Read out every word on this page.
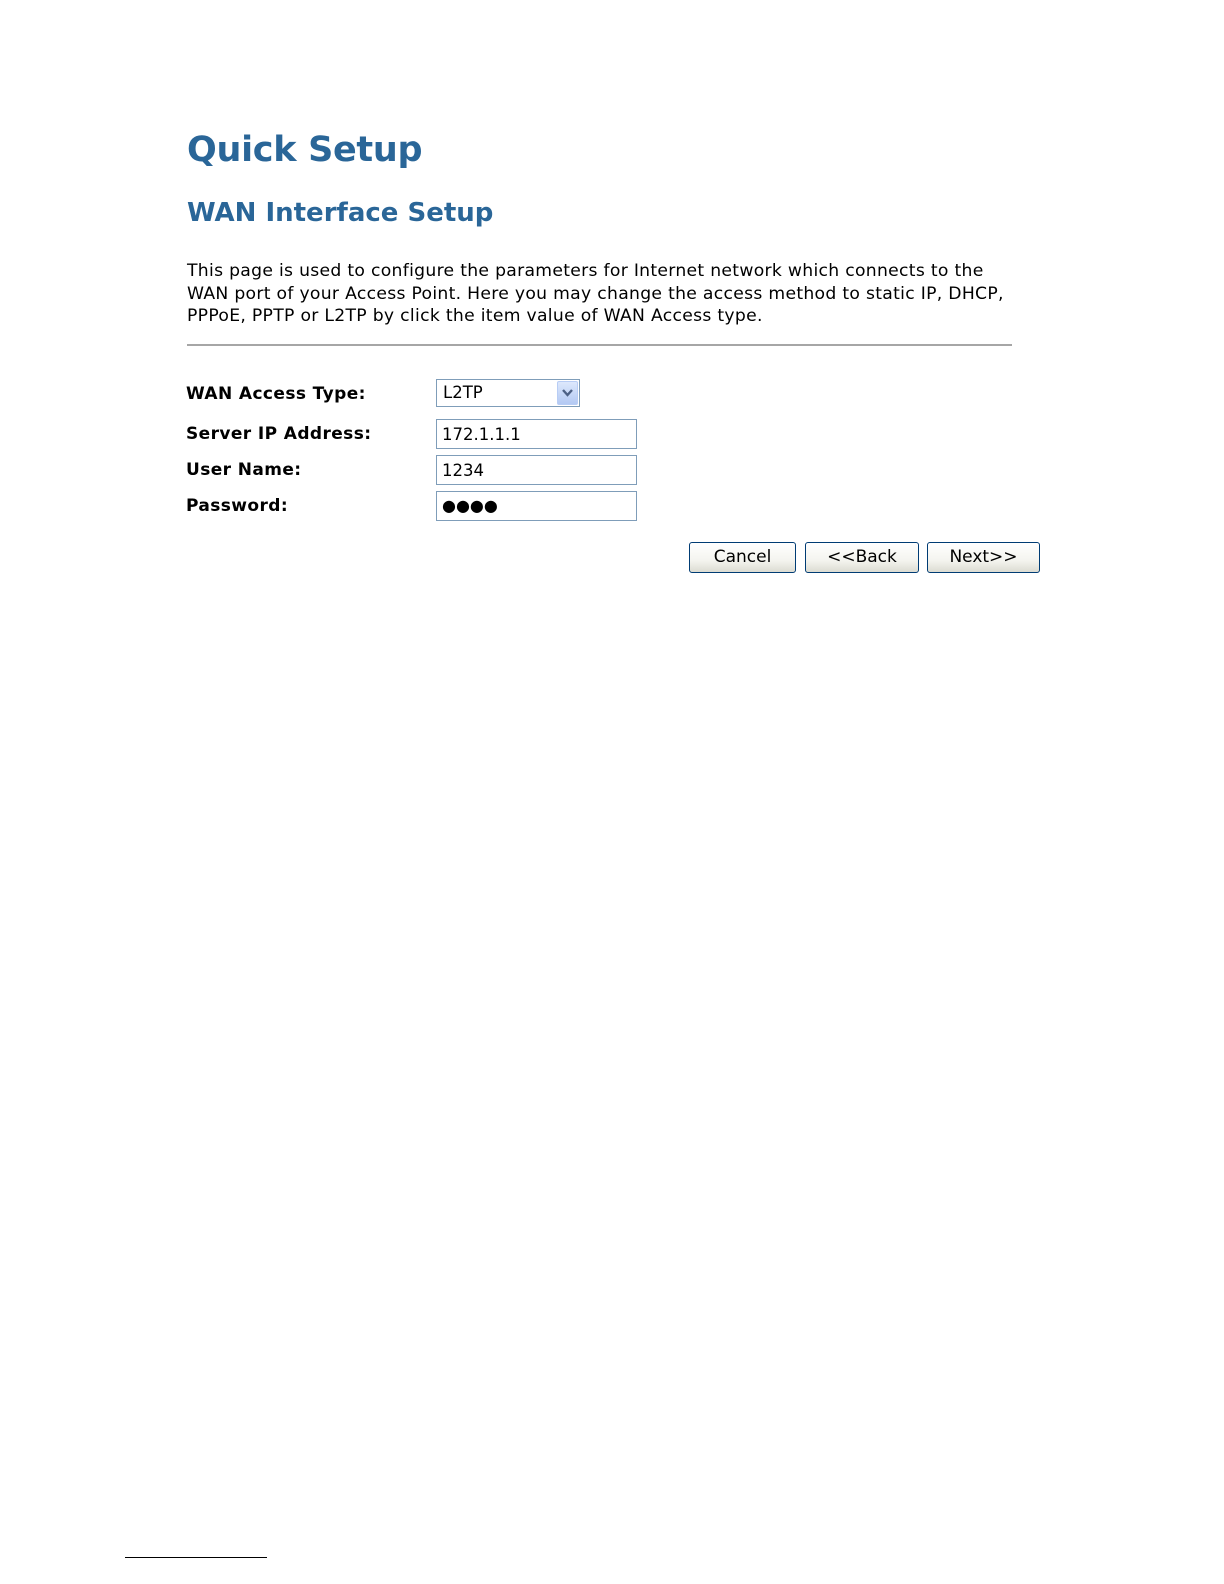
Quick Setup
WAN Interface Setup

This page is used to configure the parameters for Internet network which connects to the WAN port of your Access Point. Here you may change the access method to static IP, DHCP, PPPoE, PPTP or L2TP by click the item value of WAN Access type.

WAN Access Type:	L2TP
Server IP Address:
172.1.1.1
User Name:
1234
Password:	●●●●
Cancel	<<Back	Next>>
